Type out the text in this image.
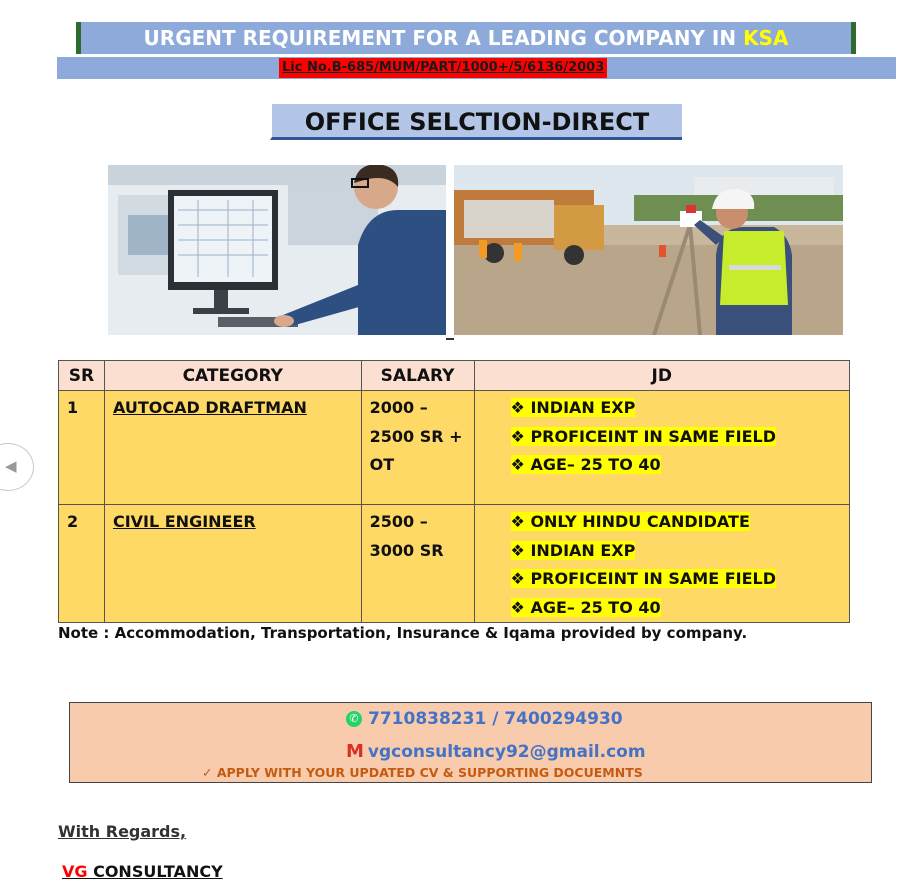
◀
URGENT REQUIREMENT FOR A LEADING COMPANY IN KSA
Lic No.B-685/MUM/PART/1000+/5/6136/2003
OFFICE SELCTION-DIRECT
SR	CATEGORY	SALARY	JD
1	AUTOCAD DRAFTMAN	2000 –
2500 SR +
OT	❖ INDIAN EXP
❖ PROFICEINT IN SAME FIELD
❖ AGE– 25 TO 40

2	CIVIL ENGINEER	2500 –
3000 SR	❖ ONLY HINDU CANDIDATE
❖ INDIAN EXP
❖ PROFICEINT IN SAME FIELD
❖ AGE– 25 TO 40
Note : Accommodation, Transportation, Insurance & Iqama provided by company.
✆ 7710838231 / 7400294930
M vgconsultancy92@gmail.com
✓ APPLY WITH YOUR UPDATED CV & SUPPORTING DOCUEMNTS
With Regards,
VG CONSULTANCY
